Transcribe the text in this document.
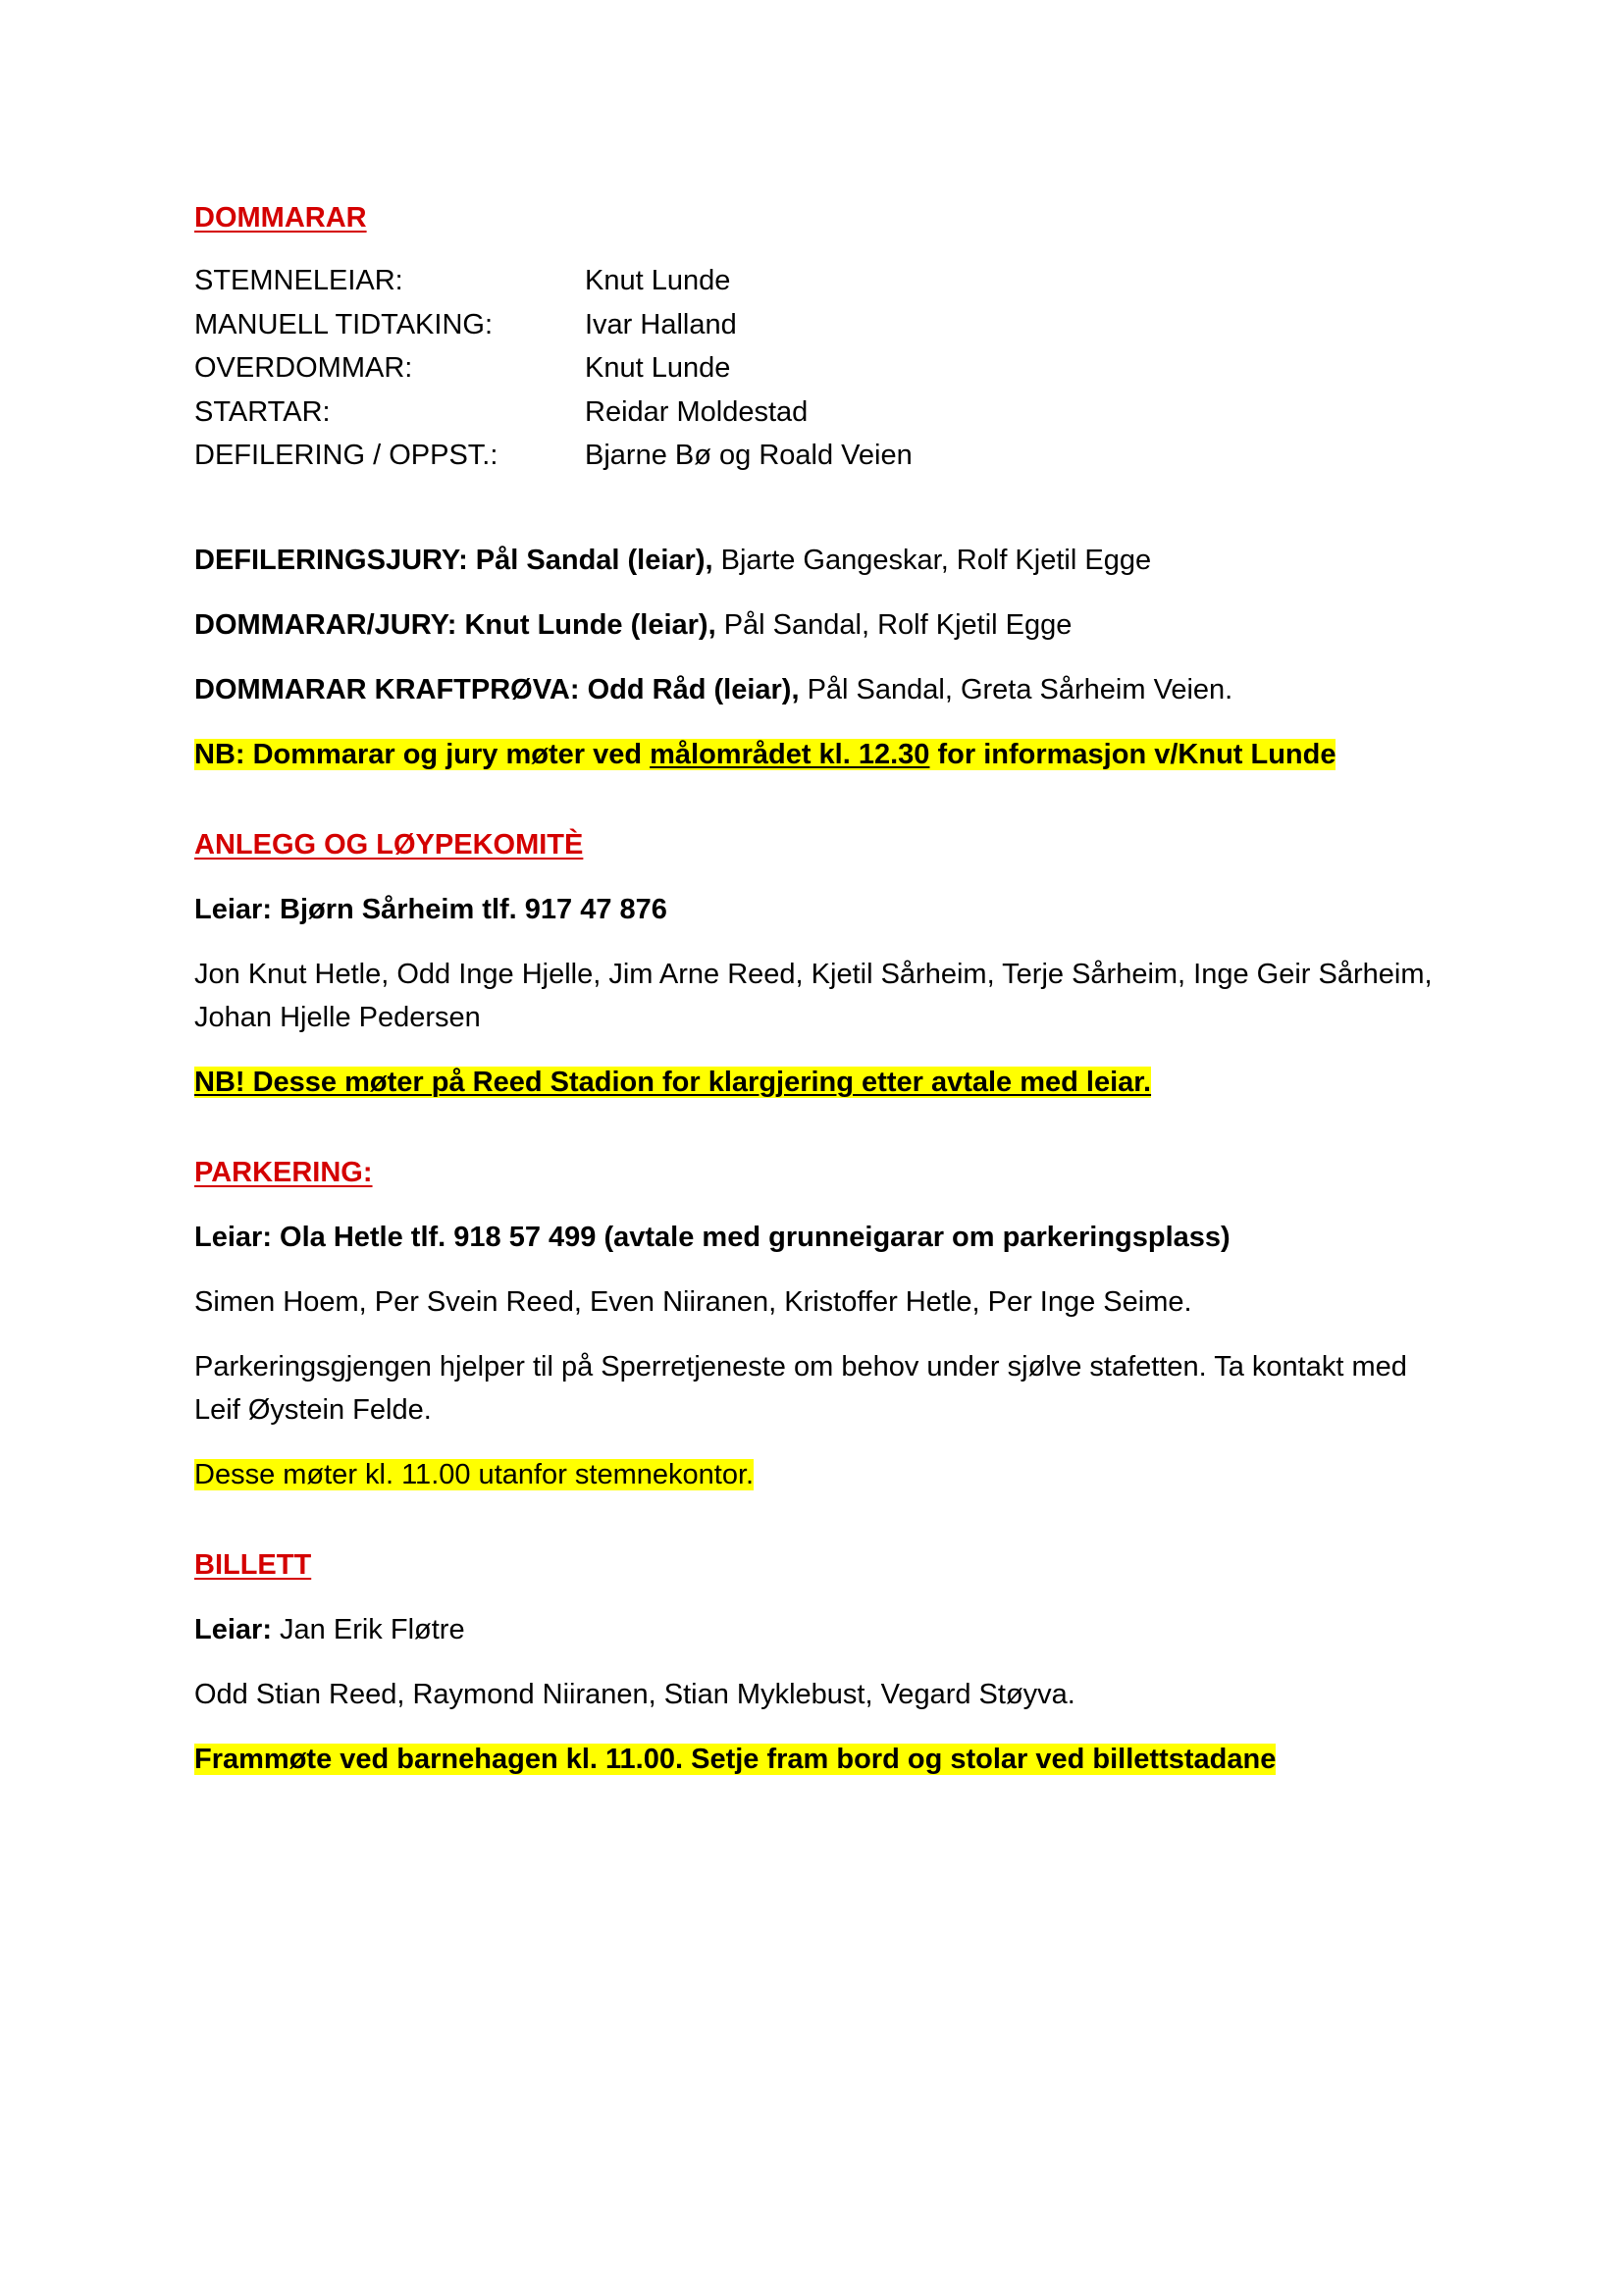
DOMMARAR

STEMNELEIAR:	Knut Lunde
MANUELL TIDTAKING:	Ivar Halland
OVERDOMMAR:	Knut Lunde
STARTAR:	Reidar Moldestad
DEFILERING / OPPST.:	Bjarne Bø og Roald Veien

DEFILERINGSJURY: Pål Sandal (leiar), Bjarte Gangeskar, Rolf Kjetil Egge

DOMMARAR/JURY: Knut Lunde (leiar), Pål Sandal, Rolf Kjetil Egge

DOMMARAR KRAFTPRØVA: Odd Råd (leiar), Pål Sandal, Greta Sårheim Veien.

NB: Dommarar og jury møter ved målområdet kl. 12.30 for informasjon v/Knut Lunde

ANLEGG OG LØYPEKOMITÈ

Leiar: Bjørn Sårheim tlf. 917 47 876

Jon Knut Hetle, Odd Inge Hjelle, Jim Arne Reed, Kjetil Sårheim, Terje Sårheim, Inge Geir Sårheim, Johan Hjelle Pedersen

NB! Desse møter på Reed Stadion for klargjering etter avtale med leiar.

PARKERING:

Leiar: Ola Hetle tlf. 918 57 499 (avtale med grunneigarar om parkeringsplass)

Simen Hoem, Per Svein Reed, Even Niiranen, Kristoffer Hetle, Per Inge Seime.

Parkeringsgjengen hjelper til på Sperretjeneste om behov under sjølve stafetten. Ta kontakt med Leif Øystein Felde.

Desse møter kl. 11.00 utanfor stemnekontor.

BILLETT

Leiar: Jan Erik Fløtre

Odd Stian Reed, Raymond Niiranen, Stian Myklebust, Vegard Støyva.

Frammøte ved barnehagen kl. 11.00. Setje fram bord og stolar ved billettstadane
